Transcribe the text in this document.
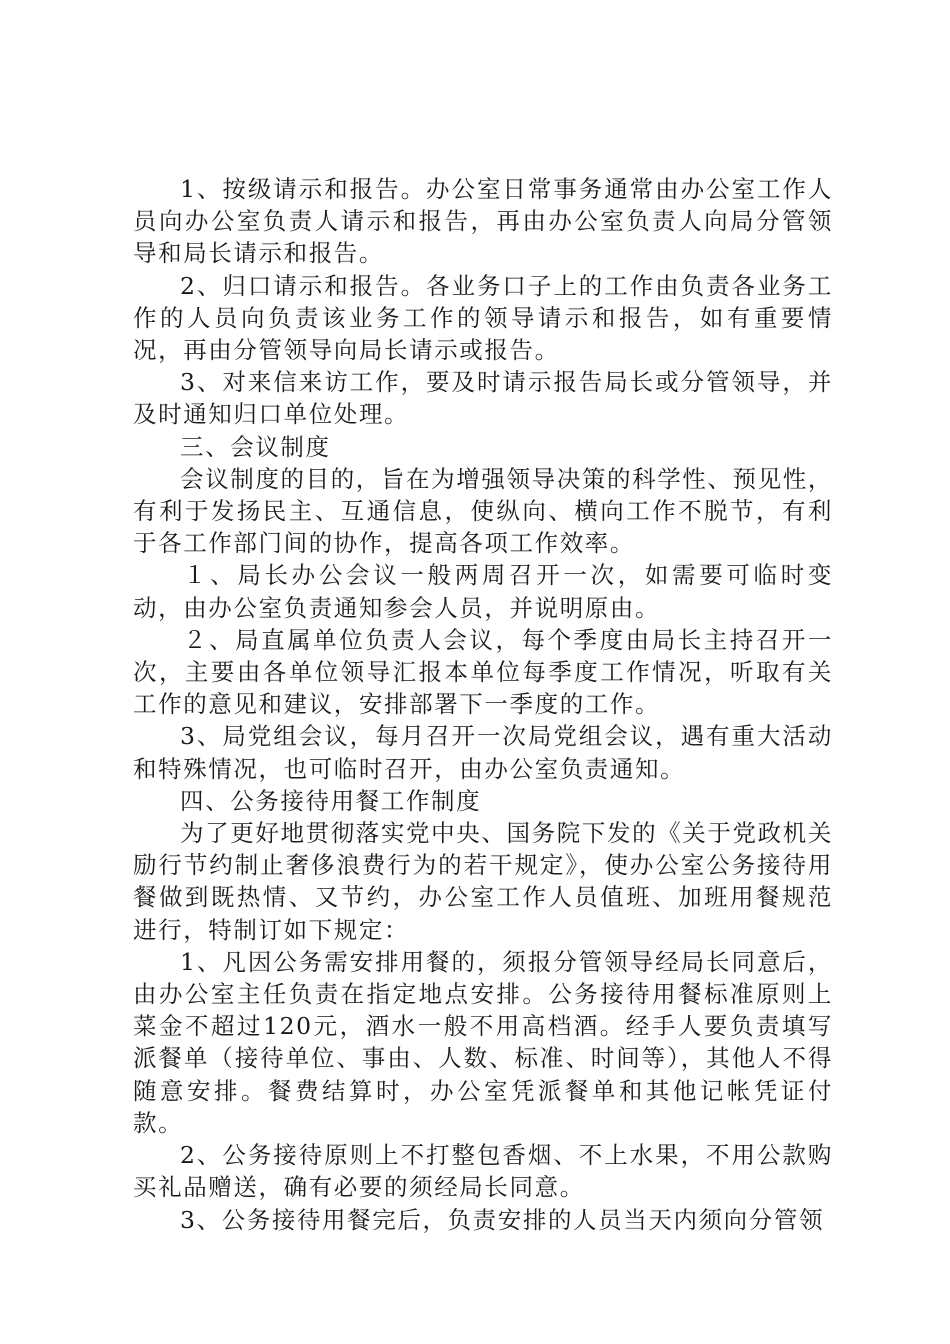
1、按级请示和报告。办公室日常事务通常由办公室工作人员向办公室负责人请示和报告，再由办公室负责人向局分管领导和局长请示和报告。

2、归口请示和报告。各业务口子上的工作由负责各业务工作的人员向负责该业务工作的领导请示和报告，如有重要情况，再由分管领导向局长请示或报告。

3、对来信来访工作，要及时请示报告局长或分管领导，并及时通知归口单位处理。

三、会议制度

会议制度的目的，旨在为增强领导决策的科学性、预见性，有利于发扬民主、互通信息，使纵向、横向工作不脱节，有利于各工作部门间的协作，提高各项工作效率。

１、局长办公会议一般两周召开一次，如需要可临时变动，由办公室负责通知参会人员，并说明原由。

２、局直属单位负责人会议，每个季度由局长主持召开一次，主要由各单位领导汇报本单位每季度工作情况，听取有关工作的意见和建议，安排部署下一季度的工作。

3、局党组会议，每月召开一次局党组会议，遇有重大活动和特殊情况，也可临时召开，由办公室负责通知。

四、公务接待用餐工作制度

为了更好地贯彻落实党中央、国务院下发的《关于党政机关励行节约制止奢侈浪费行为的若干规定》，使办公室公务接待用餐做到既热情、又节约，办公室工作人员值班、加班用餐规范进行，特制订如下规定：

1、凡因公务需安排用餐的，须报分管领导经局长同意后，由办公室主任负责在指定地点安排。公务接待用餐标准原则上菜金不超过120元，酒水一般不用高档酒。经手人要负责填写派餐单（接待单位、事由、人数、标准、时间等），其他人不得随意安排。餐费结算时，办公室凭派餐单和其他记帐凭证付款。

2、公务接待原则上不打整包香烟、不上水果，不用公款购买礼品赠送，确有必要的须经局长同意。

3、公务接待用餐完后，负责安排的人员当天内须向分管领
